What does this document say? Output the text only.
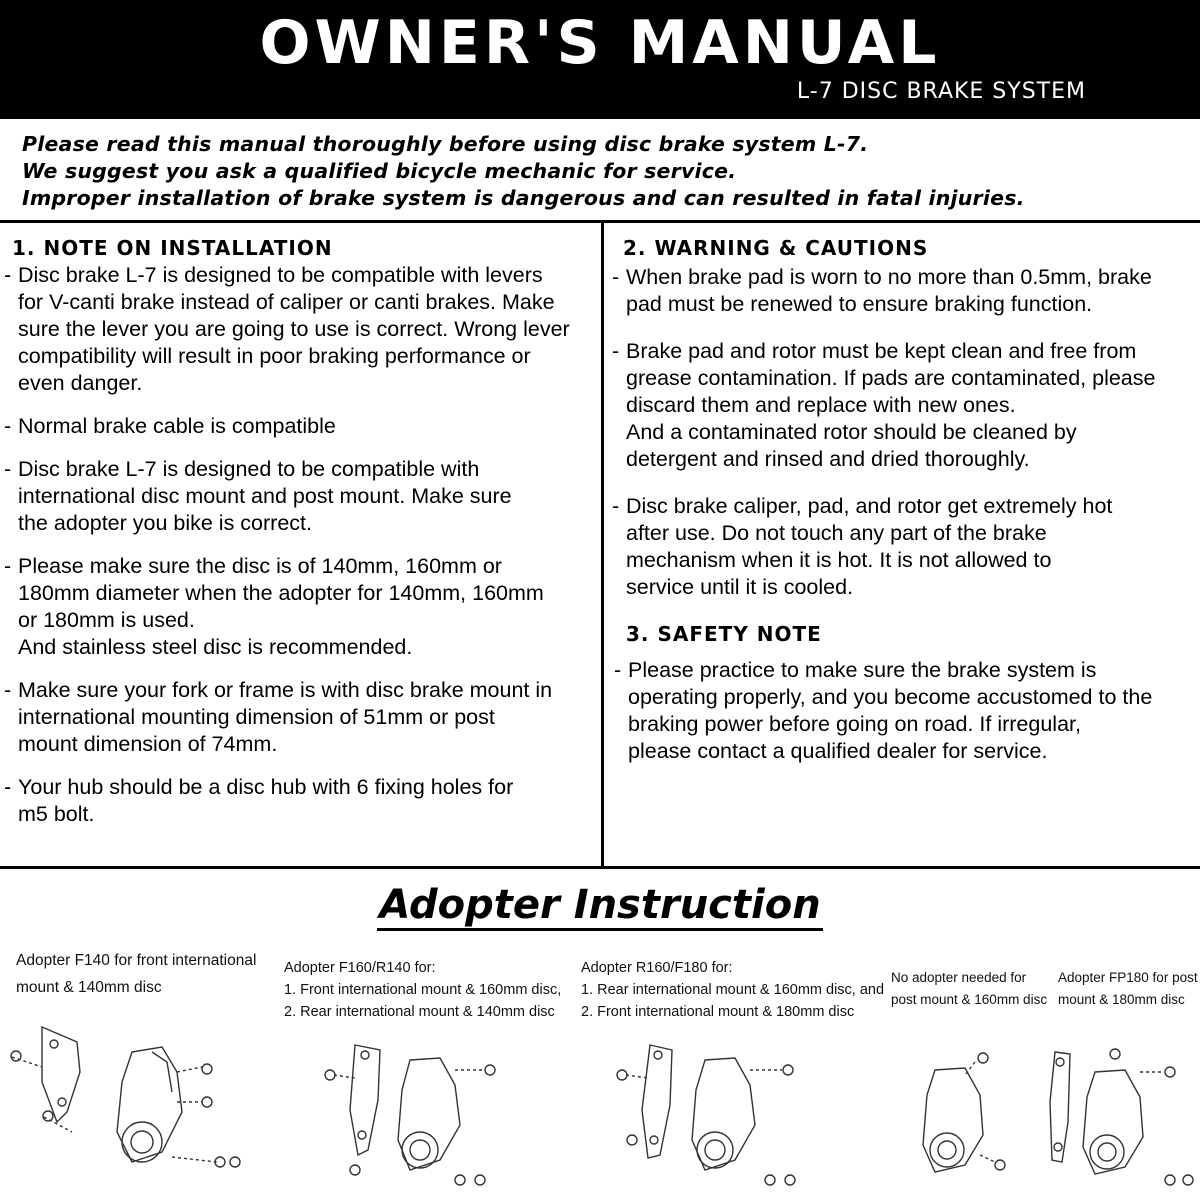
OWNER'S MANUAL
L-7 DISC BRAKE SYSTEM
Please read this manual thoroughly before using disc brake system L-7.
We suggest you ask a qualified bicycle mechanic for service.
Improper installation of brake system is dangerous and can resulted in fatal injuries.
1. NOTE ON INSTALLATION
- Disc brake L-7 is designed to be compatible with levers
for V-canti brake instead of caliper or canti brakes. Make
sure the lever you are going to use is correct. Wrong lever
compatibility will result in poor braking performance or
even danger.
- Normal brake cable is compatible
- Disc brake L-7 is designed to be compatible with
international disc mount and post mount. Make sure
the adopter you bike is correct.
- Please make sure the disc is of 140mm, 160mm or
180mm diameter when the adopter for 140mm, 160mm
or 180mm is used.
And stainless steel disc is recommended.
- Make sure your fork or frame is with disc brake mount in
international mounting dimension of 51mm or post
mount dimension of 74mm.
- Your hub should be a disc hub with 6 fixing holes for
m5 bolt.
2. WARNING & CAUTIONS
- When brake pad is worn to no more than 0.5mm, brake
pad must be renewed to ensure braking function.
- Brake pad and rotor must be kept clean and free from
grease contamination. If pads are contaminated, please
discard them and replace with new ones.
And a contaminated rotor should be cleaned by
detergent and rinsed and dried thoroughly.
- Disc brake caliper, pad, and rotor get extremely hot
after use. Do not touch any part of the brake
mechanism when it is hot. It is not allowed to
service until it is cooled.
3. SAFETY NOTE
- Please practice to make sure the brake system is
operating properly, and you become accustomed to the
braking power before going on road. If irregular,
please contact a qualified dealer for service.
Adopter Instruction
Adopter F140 for front international
mount & 140mm disc
Adopter F160/R140 for:
1. Front international mount & 160mm disc,
2. Rear international mount & 140mm disc
Adopter R160/F180 for:
1. Rear international mount & 160mm disc, and
2. Front international mount & 180mm disc
No adopter needed for
post mount & 160mm disc
Adopter FP180 for post
mount & 180mm disc
